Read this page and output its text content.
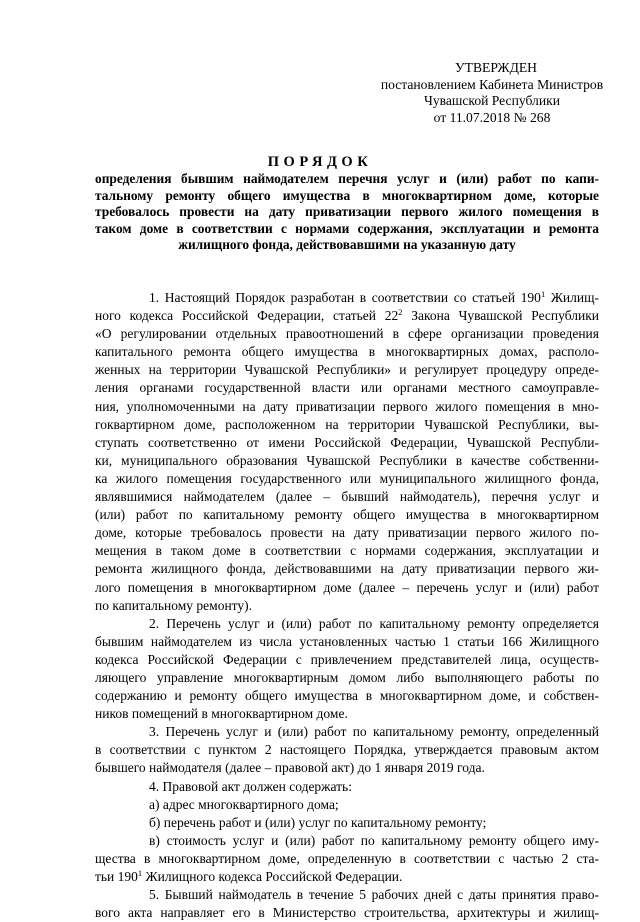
УТВЕРЖДЕН
постановлением Кабинета Министров
Чувашской Республики
от 11.07.2018 № 268
ПОРЯДОК
определения бывшим наймодателем перечня услуг и (или) работ по капи-
тальному ремонту общего имущества в многоквартирном доме, которые
требовалось провести на дату приватизации первого жилого помещения в
таком доме в соответствии с нормами содержания, эксплуатации и ремонта
жилищного фонда, действовавшими на указанную дату
1. Настоящий Порядок разработан в соответствии со статьей $190^1$ Жилищ-
ного кодекса Российской Федерации, статьей $22^2$ Закона Чувашской Республики
«О регулировании отдельных правоотношений в сфере организации проведения
капитального ремонта общего имущества в многоквартирных домах, располо-
женных на территории Чувашской Республики» и регулирует процедуру опреде-
ления органами государственной власти или органами местного самоуправле-
ния, уполномоченными на дату приватизации первого жилого помещения в мно-
гоквартирном доме, расположенном на территории Чувашской Республики, вы-
ступать соответственно от имени Российской Федерации, Чувашской Республи-
ки, муниципального образования Чувашской Республики в качестве собственни-
ка жилого помещения государственного или муниципального жилищного фонда,
являвшимися наймодателем (далее – бывший наймодатель), перечня услуг и
(или) работ по капитальному ремонту общего имущества в многоквартирном
доме, которые требовалось провести на дату приватизации первого жилого по-
мещения в таком доме в соответствии с нормами содержания, эксплуатации и
ремонта жилищного фонда, действовавшими на дату приватизации первого жи-
лого помещения в многоквартирном доме (далее – перечень услуг и (или) работ
по капитальному ремонту).
2. Перечень услуг и (или) работ по капитальному ремонту определяется
бывшим наймодателем из числа установленных частью 1 статьи 166 Жилищного
кодекса Российской Федерации с привлечением представителей лица, осуществ-
ляющего управление многоквартирным домом либо выполняющего работы по
содержанию и ремонту общего имущества в многоквартирном доме, и собствен-
ников помещений в многоквартирном доме.
3. Перечень услуг и (или) работ по капитальному ремонту, определенный
в соответствии с пунктом 2 настоящего Порядка, утверждается правовым актом
бывшего наймодателя (далее – правовой акт) до 1 января 2019 года.
4. Правовой акт должен содержать:
а) адрес многоквартирного дома;
б) перечень работ и (или) услуг по капитальному ремонту;
в) стоимость услуг и (или) работ по капитальному ремонту общего иму-
щества в многоквартирном доме, определенную в соответствии с частью 2 ста-
тьи $190^1$ Жилищного кодекса Российской Федерации.
5. Бывший наймодатель в течение 5 рабочих дней с даты принятия право-
вого акта направляет его в Министерство строительства, архитектуры и жилищ-
